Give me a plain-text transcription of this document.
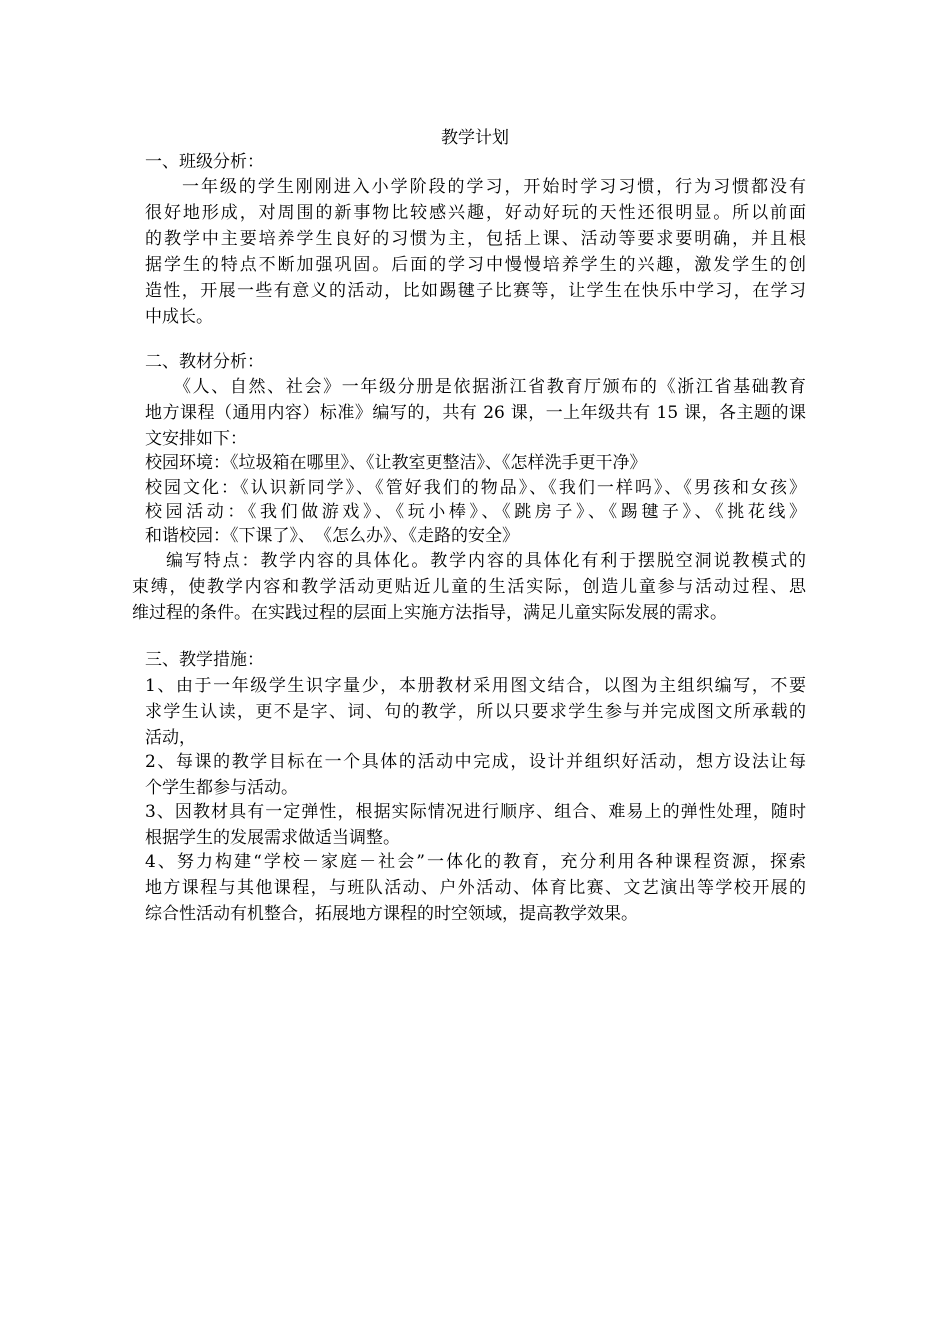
教学计划
一、班级分析：
一年级的学生刚刚进入小学阶段的学习，开始时学习习惯，行为习惯都没有
很好地形成，对周围的新事物比较感兴趣，好动好玩的天性还很明显。所以前面
的教学中主要培养学生良好的习惯为主，包括上课、活动等要求要明确，并且根
据学生的特点不断加强巩固。后面的学习中慢慢培养学生的兴趣，激发学生的创
造性，开展一些有意义的活动，比如踢毽子比赛等，让学生在快乐中学习，在学习
中成长。
二、教材分析：
《人、自然、社会》一年级分册是依据浙江省教育厅颁布的《浙江省基础教育
地方课程（通用内容）标准》编写的，共有 26 课，一上年级共有 15 课，各主题的课
文安排如下：
校园环境：《垃圾箱在哪里》、《让教室更整洁》、《怎样洗手更干净》
校园文化：《认识新同学》、《管好我们的物品》、《我们一样吗》、《男孩和女孩》
校园活动：《我们做游戏》、《玩小棒》、《跳房子》、《踢毽子》、《挑花线》
和谐校园：《下课了》、　《怎么办》、《走路的安全》
编写特点：教学内容的具体化。教学内容的具体化有利于摆脱空洞说教模式的
束缚，使教学内容和教学活动更贴近儿童的生活实际，创造儿童参与活动过程、思
维过程的条件。在实践过程的层面上实施方法指导，满足儿童实际发展的需求。
三、教学措施：
1、由于一年级学生识字量少，本册教材采用图文结合，以图为主组织编写，不要
求学生认读，更不是字、词、句的教学，所以只要求学生参与并完成图文所承载的
活动，
2、每课的教学目标在一个具体的活动中完成，设计并组织好活动，想方设法让每
个学生都参与活动。
3、因教材具有一定弹性，根据实际情况进行顺序、组合、难易上的弹性处理，随时
根据学生的发展需求做适当调整。
4、努力构建“学校－家庭－社会”一体化的教育，充分利用各种课程资源，探索
地方课程与其他课程，与班队活动、户外活动、体育比赛、文艺演出等学校开展的
综合性活动有机整合，拓展地方课程的时空领域，提高教学效果。
